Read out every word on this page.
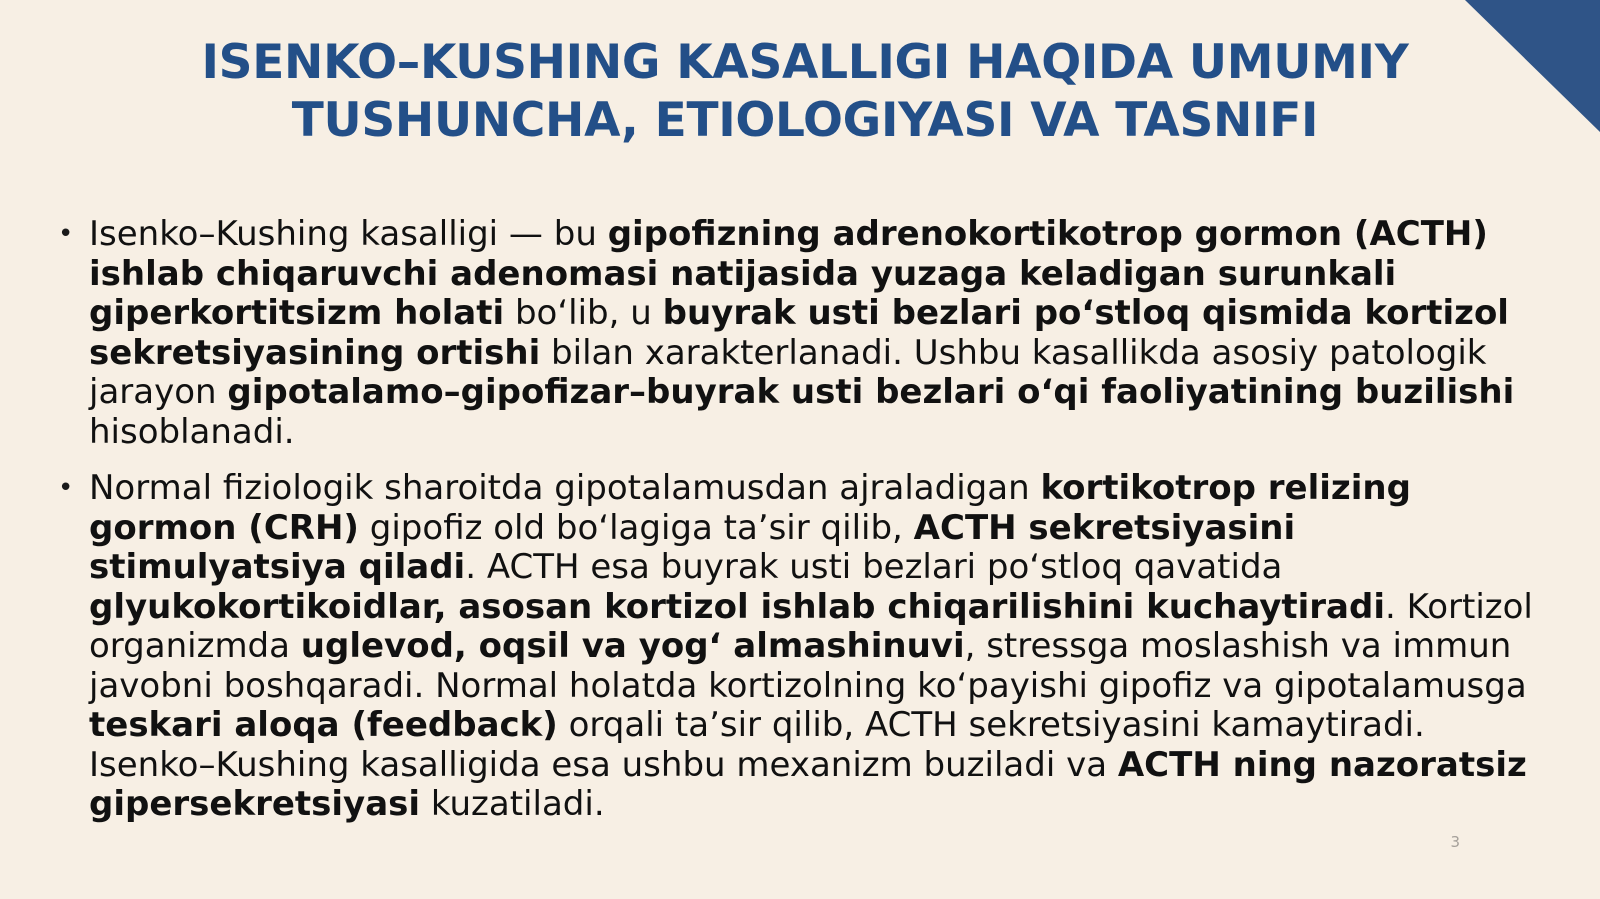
ISENKO–KUSHING KASALLIGI HAQIDA UMUMIY TUSHUNCHA, ETIOLOGIYASI VA TASNIFI
• Isenko–Kushing kasalligi — bu gipofizning adrenokortikotrop gormon (ACTH) ishlab chiqaruvchi adenomasi natijasida yuzaga keladigan surunkali giperkortitsizm holati boʻlib, u buyrak usti bezlari poʻstloq qismida kortizol sekretsiyasining ortishi bilan xarakterlanadi. Ushbu kasallikda asosiy patologik jarayon gipotalamo–gipofizar–buyrak usti bezlari oʻqi faoliyatining buzilishi hisoblanadi.
• Normal fiziologik sharoitda gipotalamusdan ajraladigan kortikotrop relizing gormon (CRH) gipofiz old boʻlagiga taʼsir qilib, ACTH sekretsiyasini stimulyatsiya qiladi. ACTH esa buyrak usti bezlari poʻstloq qavatida glyukokortikoidlar, asosan kortizol ishlab chiqarilishini kuchaytiradi. Kortizol organizmda uglevod, oqsil va yogʻ almashinuvi, stressga moslashish va immun javobni boshqaradi. Normal holatda kortizolning koʻpayishi gipofiz va gipotalamusga teskari aloqa (feedback) orqali taʼsir qilib, ACTH sekretsiyasini kamaytiradi. Isenko–Kushing kasalligida esa ushbu mexanizm buziladi va ACTH ning nazoratsiz gipersekretsiyasi kuzatiladi.
3
